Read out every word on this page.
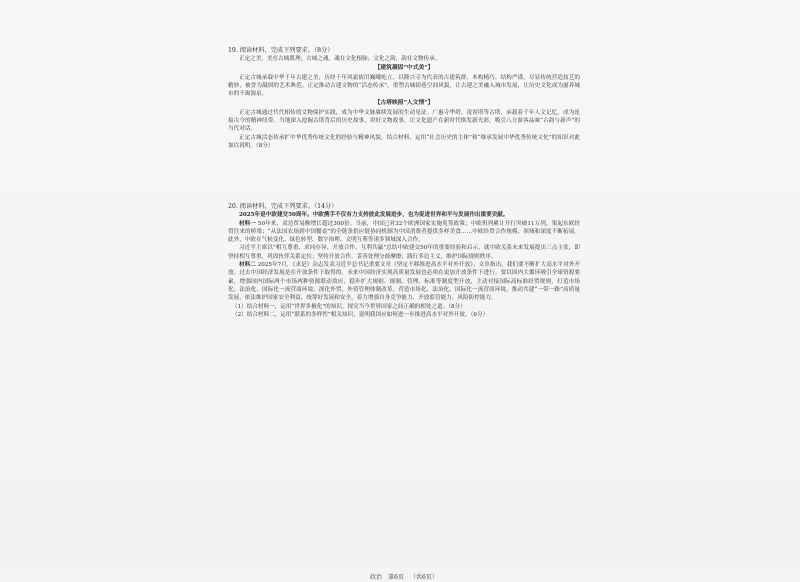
19. 阅读材料，完成下列要求。（8分）

正定之美，美在古城肌理；古城之魂，魂在文化根脉；文化之韵，韵在文物传承。

【建筑凝固“中式美”】

正定古城承载中华千年古建之美，历经千年风霜依旧巍峨屹立。以隆兴寺为代表的古建筑群，木构精巧、结构严谨，尽显传统营造技艺的精妙，被誉为凝固的艺术典范。正定推动古建文物的“活态传承”，重塑古城街巷空间风貌，让古建之美融入城市发展，让历史文化成为滋养城市的不竭源泉。

【古塔映照“人文情”】

正定古城通过代代相传的文物保护实践，成为中华文脉赓续发展的生动见证。广惠寺华塔、凌霄塔等古塔，承载着千年人文记忆，成为连接古今的精神纽带。当地深入挖掘古塔背后的历史故事，讲好文物故事，让文化遗产在新时代焕发新光彩，吸引八方游客品味“古韵与新声”的当代对话。

正定古城活态传承扩中华优秀传统文化的经验与精神风貌。结合材料，运用“社会历史的主体”和“继承发展中华优秀传统文化”的知识对此加以说明。（8分）

20. 阅读材料，完成下列要求。（14分）

2025年是中欧建交50周年。中欧携手不仅有力支持彼此发展进步，也为促进世界和平与发展作出重要贡献。

材料一 50年来，双边贸易额增长超过300倍。当前，中国已对32个欧洲国家实施免签政策；中欧班列累计开行突破11万列，架起东欧经贸往来的桥梁；“从法国农场到中国餐桌”的全链条供应链协同机制为中国消费者提供多样美食……中欧经贸合作规模、领域和深度不断拓展。此外，中欧在气候变化、绿色转型、数字治理、文明互鉴等诸多领域深入合作。

习近平主席以“相互尊重、求同存异、开放合作、互利共赢”总结中欧建交50年的重要经验和启示，就中欧关系未来发展提出三点主张，即坚持相互尊重，巩固伙伴关系定位；坚持开放合作，妥善处理分歧摩擦；践行多边主义，维护国际规则秩序。

材料二 2025年7月，《求是》杂志发表习近平总书记重要文章《坚定不移推进高水平对外开放》。文章指出，我们要不断扩大高水平对外开放。过去中国经济发展是在开放条件下取得的，未来中国经济实现高质量发展也必须在更加开放条件下进行。要以国内大循环吸引全球资源要素，增强国内国际两个市场两种资源联动效应，稳步扩大规则、规制、管理、标准等制度型开放，主动对接国际高标准经贸规则，打造市场化、法治化、国际化一流营商环境。深化外贸、外资管理体制改革，营造市场化、法治化、国际化一流营商环境，推动共建“一带一路”高质量发展，依法维护国家安全利益，统筹好发展和安全，着力增强自身竞争能力、开放监管能力、风险防控能力。

（1）结合材料一，运用“世界多极化”的知识，探究当今世界国家之间正确的相处之道。（8分）

（2）结合材料二，运用“联系的多样性”相关知识，说明我国应如何进一步推进高水平对外开放。（6分）

政治 第6页 （共6页）
